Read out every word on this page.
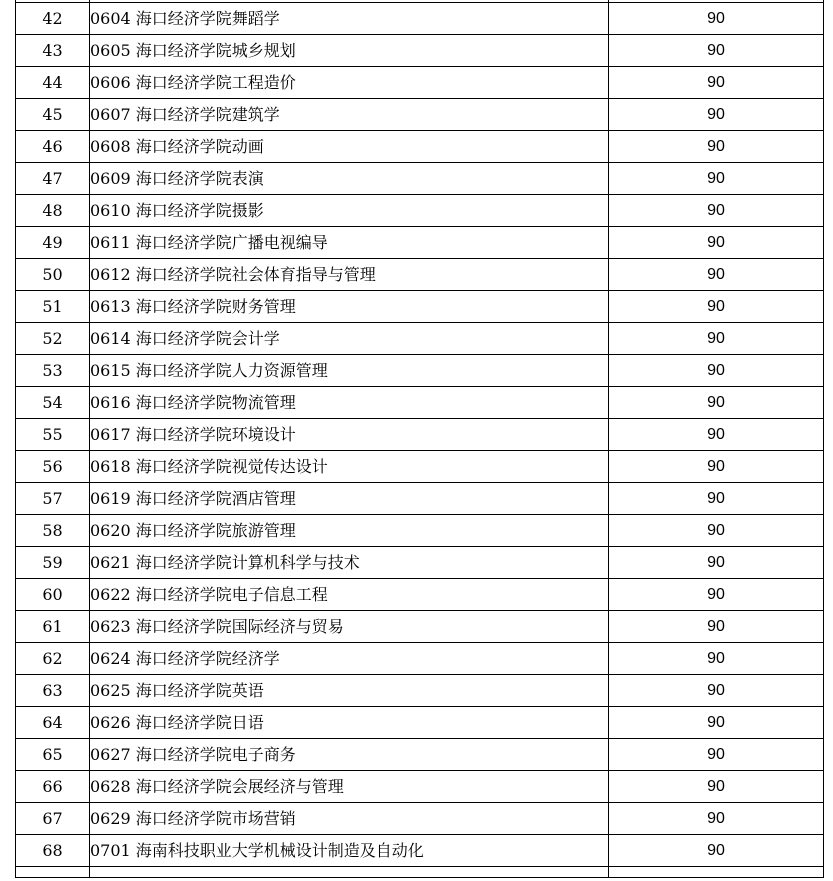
42	0604 海口经济学院舞蹈学	90
43	0605 海口经济学院城乡规划	90
44	0606 海口经济学院工程造价	90
45	0607 海口经济学院建筑学	90
46	0608 海口经济学院动画	90
47	0609 海口经济学院表演	90
48	0610 海口经济学院摄影	90
49	0611 海口经济学院广播电视编导	90
50	0612 海口经济学院社会体育指导与管理	90
51	0613 海口经济学院财务管理	90
52	0614 海口经济学院会计学	90
53	0615 海口经济学院人力资源管理	90
54	0616 海口经济学院物流管理	90
55	0617 海口经济学院环境设计	90
56	0618 海口经济学院视觉传达设计	90
57	0619 海口经济学院酒店管理	90
58	0620 海口经济学院旅游管理	90
59	0621 海口经济学院计算机科学与技术	90
60	0622 海口经济学院电子信息工程	90
61	0623 海口经济学院国际经济与贸易	90
62	0624 海口经济学院经济学	90
63	0625 海口经济学院英语	90
64	0626 海口经济学院日语	90
65	0627 海口经济学院电子商务	90
66	0628 海口经济学院会展经济与管理	90
67	0629 海口经济学院市场营销	90
68	0701 海南科技职业大学机械设计制造及自动化	90
